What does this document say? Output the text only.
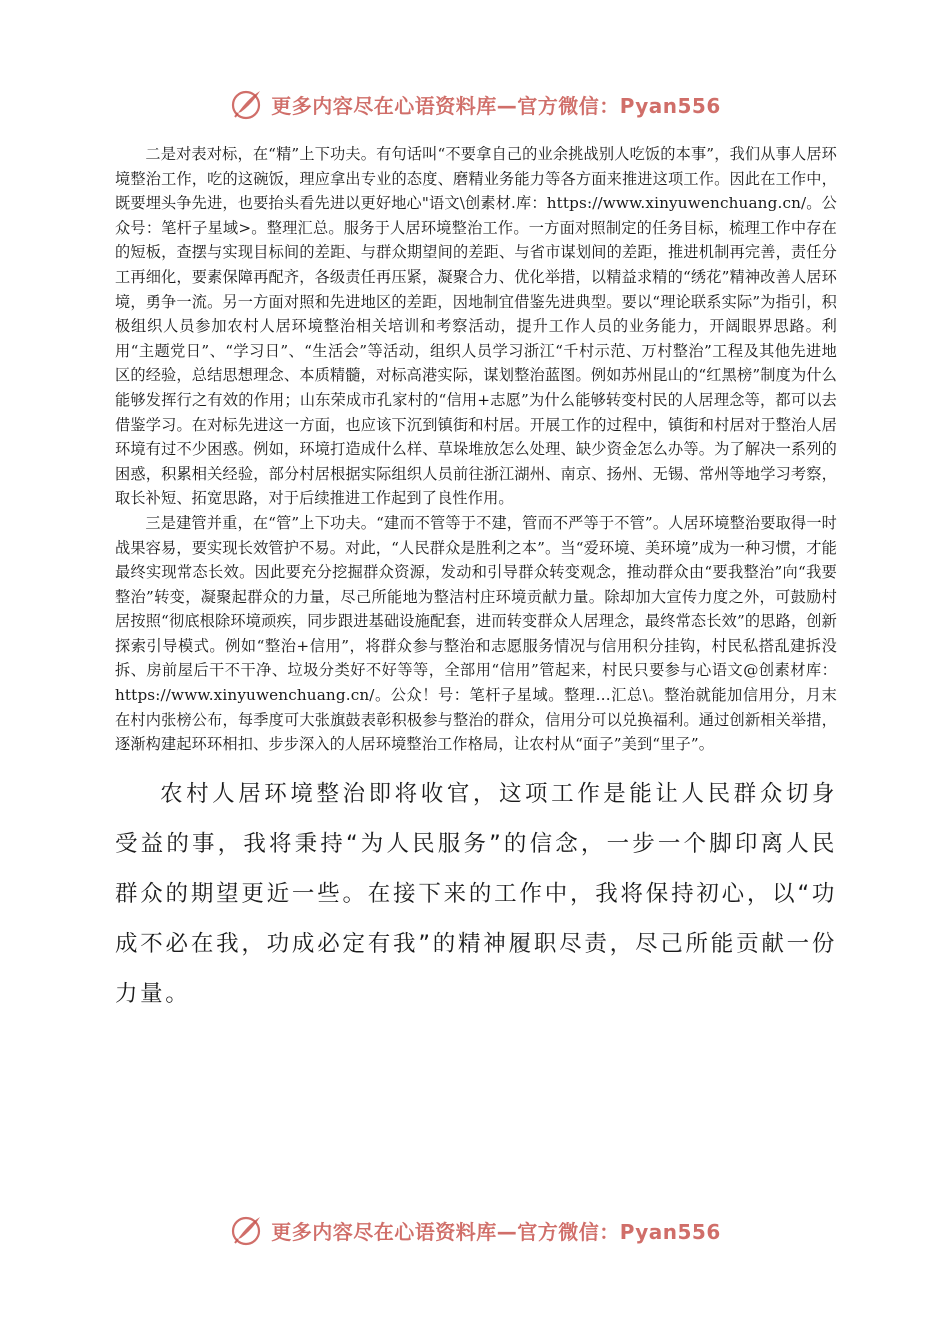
更多内容尽在心语资料库—官方微信：Pyan556

二是对表对标，在“精”上下功夫。有句话叫“不要拿自己的业余挑战别人吃饭的本事”，我们从事人居环境整治工作，吃的这碗饭，理应拿出专业的态度、磨精业务能力等各方面来推进这项工作。因此在工作中，既要埋头争先进，也要抬头看先进以更好地心"语文\创素材.库：https://www.xinyuwenchuang.cn/。公众号：笔杆子星域>。整理汇总。服务于人居环境整治工作。一方面对照制定的任务目标，梳理工作中存在的短板，查摆与实现目标间的差距、与群众期望间的差距、与省市谋划间的差距，推进机制再完善，责任分工再细化，要素保障再配齐，各级责任再压紧，凝聚合力、优化举措，以精益求精的“绣花”精神改善人居环境，勇争一流。另一方面对照和先进地区的差距，因地制宜借鉴先进典型。要以“理论联系实际”为指引，积极组织人员参加农村人居环境整治相关培训和考察活动，提升工作人员的业务能力，开阔眼界思路。利用“主题党日”、“学习日”、“生活会”等活动，组织人员学习浙江“千村示范、万村整治”工程及其他先进地区的经验，总结思想理念、本质精髓，对标高港实际，谋划整治蓝图。例如苏州昆山的“红黑榜”制度为什么能够发挥行之有效的作用；山东荣成市孔家村的“信用+志愿”为什么能够转变村民的人居理念等，都可以去借鉴学习。在对标先进这一方面，也应该下沉到镇街和村居。开展工作的过程中，镇街和村居对于整治人居环境有过不少困惑。例如，环境打造成什么样、草垛堆放怎么处理、缺少资金怎么办等。为了解决一系列的困惑，积累相关经验，部分村居根据实际组织人员前往浙江湖州、南京、扬州、无锡、常州等地学习考察，取长补短、拓宽思路，对于后续推进工作起到了良性作用。

三是建管并重，在“管”上下功夫。“建而不管等于不建，管而不严等于不管”。人居环境整治要取得一时战果容易，要实现长效管护不易。对此，“人民群众是胜利之本”。当“爱环境、美环境”成为一种习惯，才能最终实现常态长效。因此要充分挖掘群众资源，发动和引导群众转变观念，推动群众由“要我整治”向“我要整治”转变，凝聚起群众的力量，尽己所能地为整洁村庄环境贡献力量。除却加大宣传力度之外，可鼓励村居按照“彻底根除环境顽疾，同步跟进基础设施配套，进而转变群众人居理念，最终常态长效”的思路，创新探索引导模式。例如“整治+信用”，将群众参与整治和志愿服务情况与信用积分挂钩，村民私搭乱建拆没拆、房前屋后干不干净、垃圾分类好不好等等，全部用“信用”管起来，村民只要参与心语文@创素材库：https://www.xinyuwenchuang.cn/。公众！号：笔杆子星域。整理…汇总\。整治就能加信用分，月末在村内张榜公布，每季度可大张旗鼓表彰积极参与整治的群众，信用分可以兑换福利。通过创新相关举措，逐渐构建起环环相扣、步步深入的人居环境整治工作格局，让农村从“面子”美到“里子”。

农村人居环境整治即将收官，这项工作是能让人民群众切身受益的事，我将秉持“为人民服务”的信念，一步一个脚印离人民群众的期望更近一些。在接下来的工作中，我将保持初心，以“功成不必在我，功成必定有我”的精神履职尽责，尽己所能贡献一份力量。

更多内容尽在心语资料库—官方微信：Pyan556
